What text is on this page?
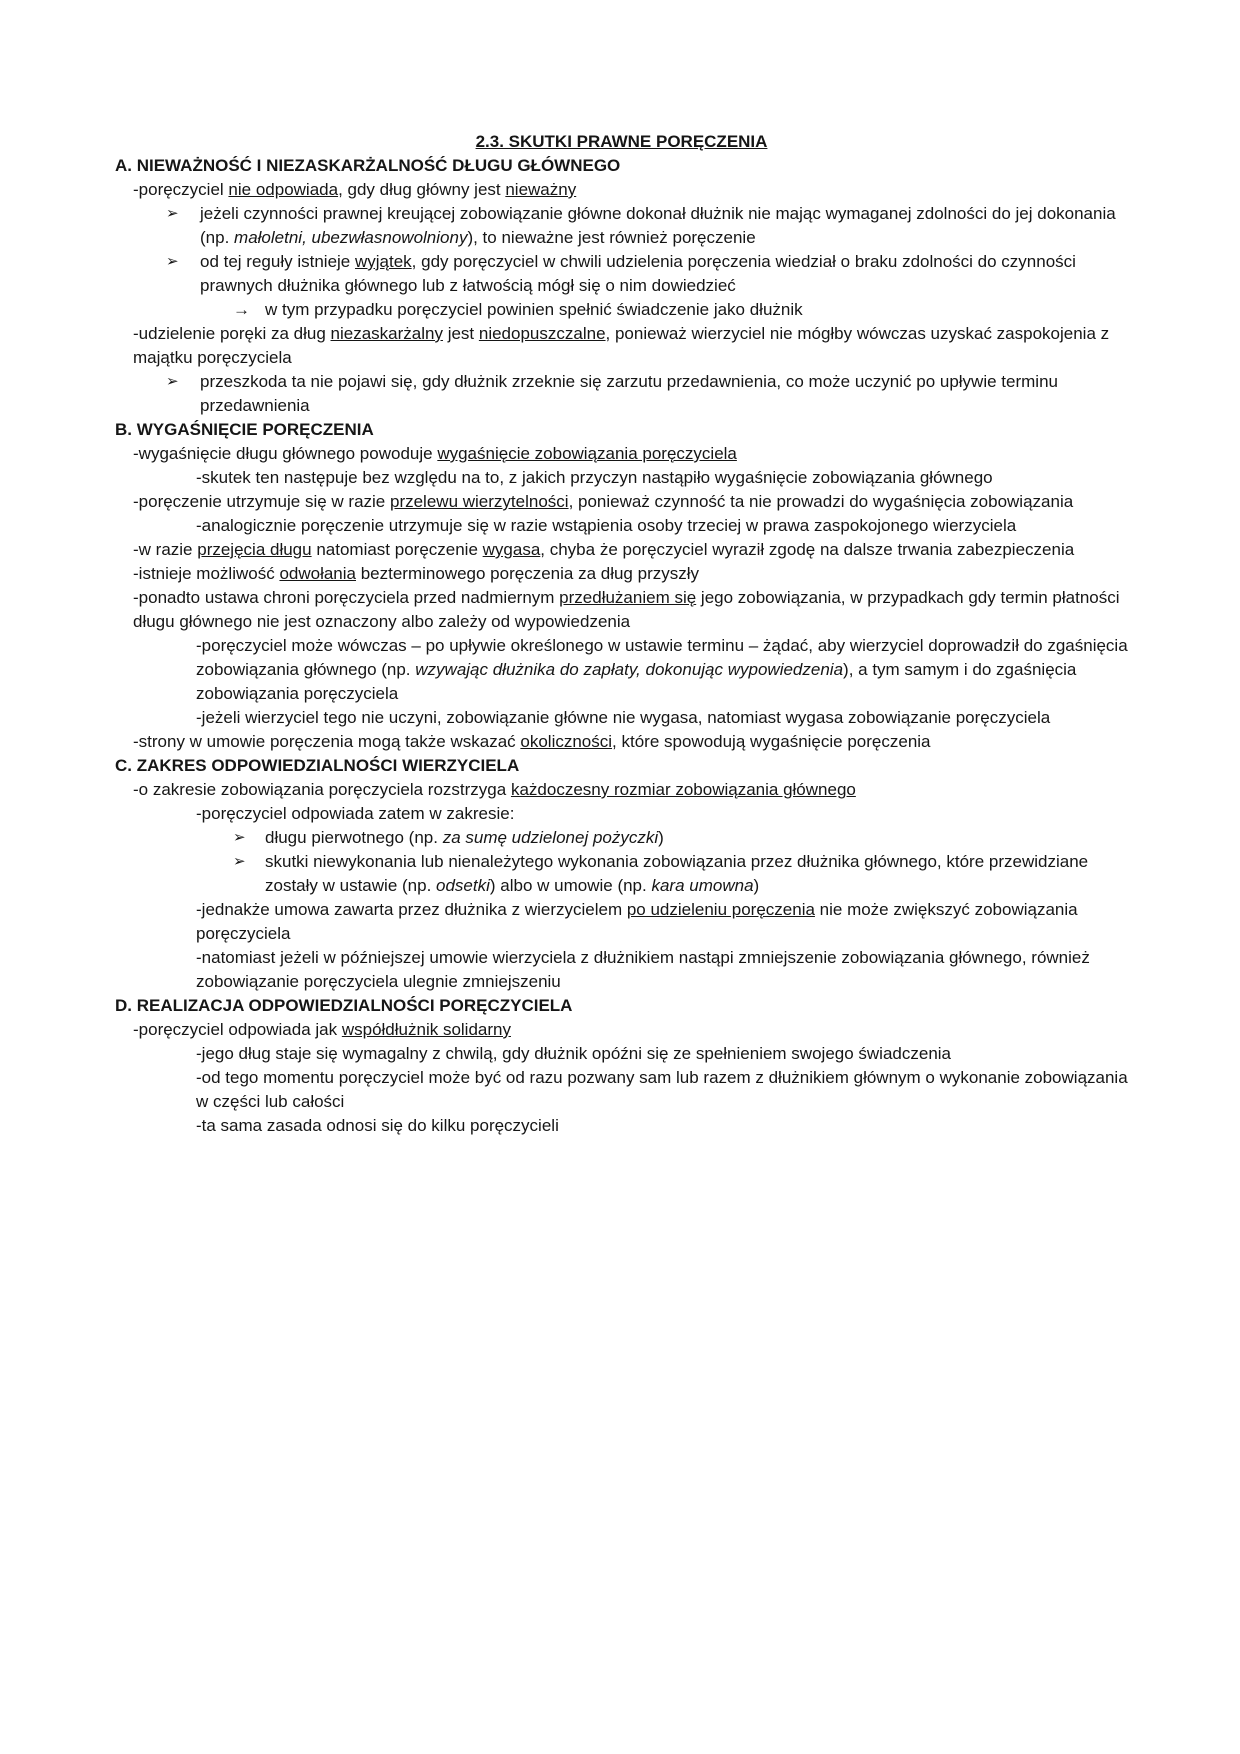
2.3. SKUTKI PRAWNE PORĘCZENIA
A. NIEWAŻNOŚĆ I NIEZASKARŻALNOŚĆ DŁUGU GŁÓWNEGO
-poręczyciel nie odpowiada, gdy dług główny jest nieważny
➢	jeżeli czynności prawnej kreującej zobowiązanie główne dokonał dłużnik nie mając wymaganej zdolności do jej dokonania (np. małoletni, ubezwłasnowolniony), to nieważne jest również poręczenie
➢	od tej reguły istnieje wyjątek, gdy poręczyciel w chwili udzielenia poręczenia wiedział o braku zdolności do czynności prawnych dłużnika głównego lub z łatwością mógł się o nim dowiedzieć
→ w tym przypadku poręczyciel powinien spełnić świadczenie jako dłużnik
-udzielenie poręki za dług niezaskarżalny jest niedopuszczalne, ponieważ wierzyciel nie mógłby wówczas uzyskać zaspokojenia z majątku poręczyciela
➢	przeszkoda ta nie pojawi się, gdy dłużnik zrzeknie się zarzutu przedawnienia, co może uczynić po upływie terminu przedawnienia
B. WYGAŚNIĘCIE PORĘCZENIA
-wygaśnięcie długu głównego powoduje wygaśnięcie zobowiązania poręczyciela
-skutek ten następuje bez względu na to, z jakich przyczyn nastąpiło wygaśnięcie zobowiązania głównego
-poręczenie utrzymuje się w razie przelewu wierzytelności, ponieważ czynność ta nie prowadzi do wygaśnięcia zobowiązania
-analogicznie poręczenie utrzymuje się w razie wstąpienia osoby trzeciej w prawa zaspokojonego wierzyciela
-w razie przejęcia długu natomiast poręczenie wygasa, chyba że poręczyciel wyraził zgodę na dalsze trwania zabezpieczenia
-istnieje możliwość odwołania bezterminowego poręczenia za dług przyszły
-ponadto ustawa chroni poręczyciela przed nadmiernym przedłużaniem się jego zobowiązania, w przypadkach gdy termin płatności długu głównego nie jest oznaczony albo zależy od wypowiedzenia
-poręczyciel może wówczas – po upływie określonego w ustawie terminu – żądać, aby wierzyciel doprowadził do zgaśnięcia zobowiązania głównego (np. wzywając dłużnika do zapłaty, dokonując wypowiedzenia), a tym samym i do zgaśnięcia zobowiązania poręczyciela
-jeżeli wierzyciel tego nie uczyni, zobowiązanie główne nie wygasa, natomiast wygasa zobowiązanie poręczyciela
-strony w umowie poręczenia mogą także wskazać okoliczności, które spowodują wygaśnięcie poręczenia
C. ZAKRES ODPOWIEDZIALNOŚCI WIERZYCIELA
-o zakresie zobowiązania poręczyciela rozstrzyga każdoczesny rozmiar zobowiązania głównego
-poręczyciel odpowiada zatem w zakresie:
➢	długu pierwotnego (np. za sumę udzielonej pożyczki)
➢	skutki niewykonania lub nienależytego wykonania zobowiązania przez dłużnika głównego, które przewidziane zostały w ustawie (np. odsetki) albo w umowie (np. kara umowna)
-jednakże umowa zawarta przez dłużnika z wierzycielem po udzieleniu poręczenia nie może zwiększyć zobowiązania poręczyciela
-natomiast jeżeli w późniejszej umowie wierzyciela z dłużnikiem nastąpi zmniejszenie zobowiązania głównego, również zobowiązanie poręczyciela ulegnie zmniejszeniu
D. REALIZACJA ODPOWIEDZIALNOŚCI PORĘCZYCIELA
-poręczyciel odpowiada jak współdłużnik solidarny
-jego dług staje się wymagalny z chwilą, gdy dłużnik opóźni się ze spełnieniem swojego świadczenia
-od tego momentu poręczyciel może być od razu pozwany sam lub razem z dłużnikiem głównym o wykonanie zobowiązania w części lub całości
-ta sama zasada odnosi się do kilku poręczycieli
